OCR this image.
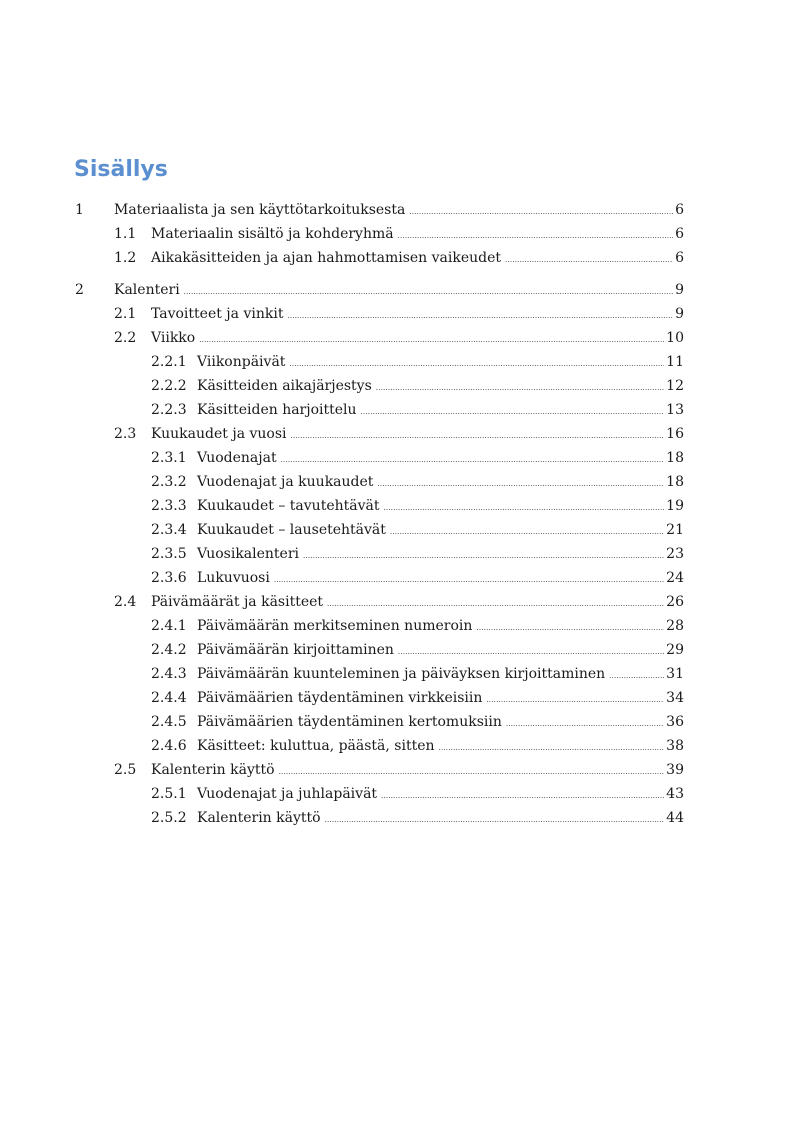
Sisällys
1 Materiaalista ja sen käyttötarkoituksesta .....	6
1.1 Materiaalin sisältö ja kohderyhmä .....	6
1.2 Aikakäsitteiden ja ajan hahmottamisen vaikeudet .....	6
2 Kalenteri .....	9
2.1 Tavoitteet ja vinkit .....	9
2.2 Viikko .....	10
2.2.1 Viikonpäivät .....	11
2.2.2 Käsitteiden aikajärjestys .....	12
2.2.3 Käsitteiden harjoittelu .....	13
2.3 Kuukaudet ja vuosi .....	16
2.3.1 Vuodenajat .....	18
2.3.2 Vuodenajat ja kuukaudet .....	18
2.3.3 Kuukaudet – tavutehtävät .....	19
2.3.4 Kuukaudet – lausetehtävät .....	21
2.3.5 Vuosikalenteri .....	23
2.3.6 Lukuvuosi .....	24
2.4 Päivämäärät ja käsitteet .....	26
2.4.1 Päivämäärän merkitseminen numeroin .....	28
2.4.2 Päivämäärän kirjoittaminen .....	29
2.4.3 Päivämäärän kuunteleminen ja päiväyksen kirjoittaminen .....	31
2.4.4 Päivämäärien täydentäminen virkkeisiin .....	34
2.4.5 Päivämäärien täydentäminen kertomuksiin .....	36
2.4.6 Käsitteet: kuluttua, päästä, sitten .....	38
2.5 Kalenterin käyttö .....	39
2.5.1 Vuodenajat ja juhlapäivät .....	43
2.5.2 Kalenterin käyttö .....	44
